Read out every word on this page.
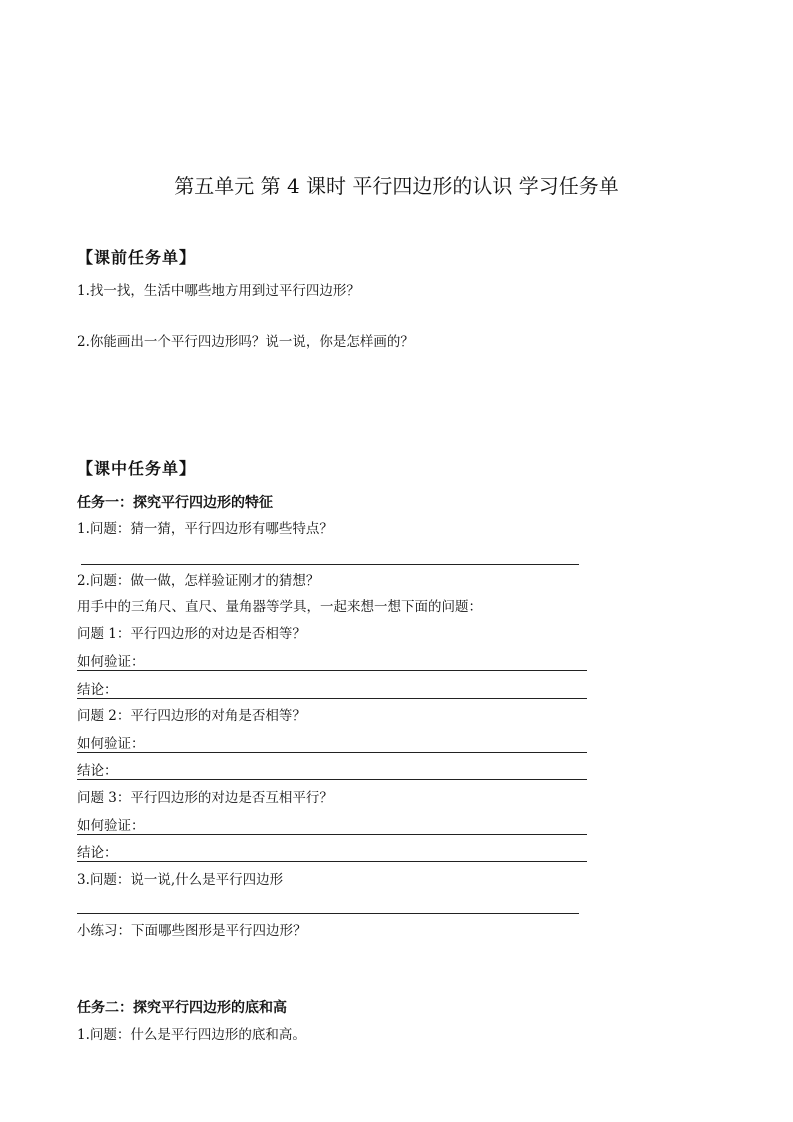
第五单元 第 4 课时 平行四边形的认识 学习任务单
【课前任务单】
1.找一找，生活中哪些地方用到过平行四边形？
2.你能画出一个平行四边形吗？说一说，你是怎样画的？
【课中任务单】
任务一：探究平行四边形的特征
1.问题：猜一猜，平行四边形有哪些特点？
2.问题：做一做，怎样验证刚才的猜想？
用手中的三角尺、直尺、量角器等学具，一起来想一想下面的问题：
问题 1：平行四边形的对边是否相等？
如何验证：
结论：
问题 2：平行四边形的对角是否相等？
如何验证：
结论：
问题 3：平行四边形的对边是否互相平行？
如何验证：
结论：
3.问题：说一说,什么是平行四边形
小练习：下面哪些图形是平行四边形？
任务二：探究平行四边形的底和高
1.问题：什么是平行四边形的底和高。
